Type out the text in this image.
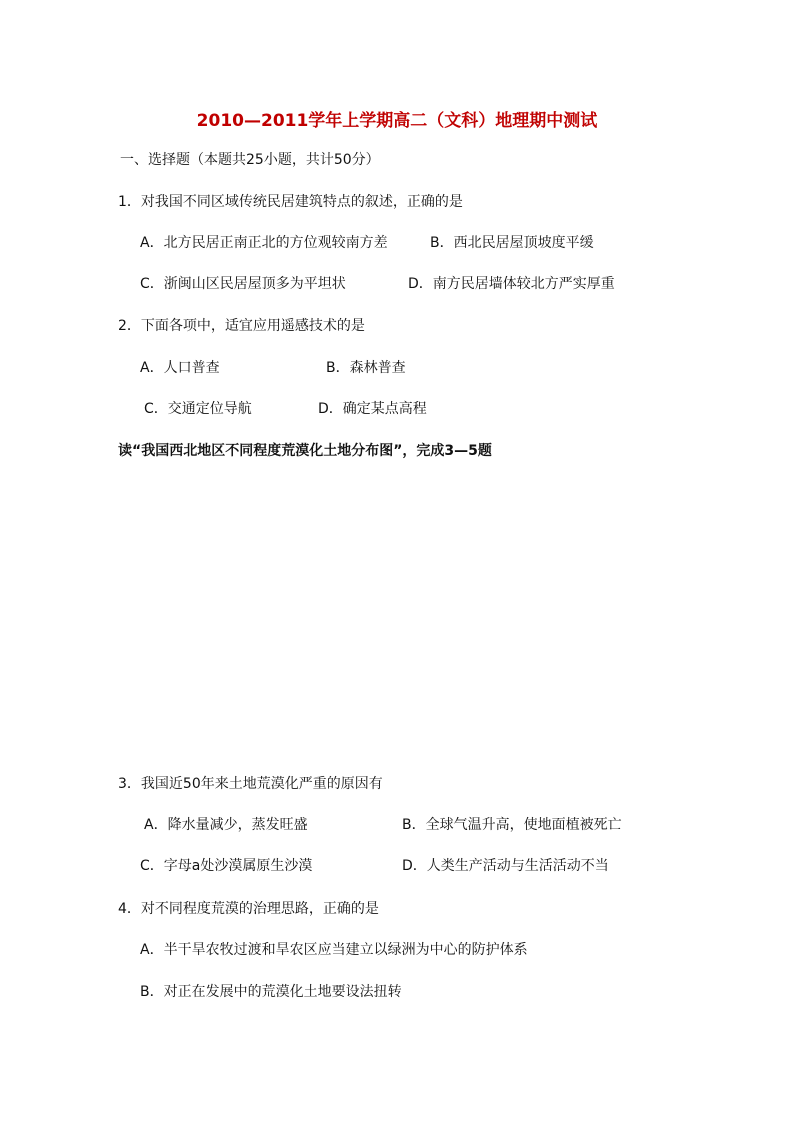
2010—2011学年上学期高二（文科）地理期中测试
一、选择题（本题共25小题，共计50分）
1．对我国不同区域传统民居建筑特点的叙述，正确的是
A．北方民居正南正北的方位观较南方差	B．西北民居屋顶坡度平缓
C．浙闽山区民居屋顶多为平坦状	D．南方民居墙体较北方严实厚重
2．下面各项中，适宜应用遥感技术的是
A．人口普查	B．森林普查
C．交通定位导航	D．确定某点高程
读“我国西北地区不同程度荒漠化土地分布图”，完成3—5题
3．我国近50年来土地荒漠化严重的原因有
A．降水量减少，蒸发旺盛	B．全球气温升高，使地面植被死亡
C．字母a处沙漠属原生沙漠	D．人类生产活动与生活活动不当
4．对不同程度荒漠的治理思路，正确的是
A．半干旱农牧过渡和旱农区应当建立以绿洲为中心的防护体系
B．对正在发展中的荒漠化土地要设法扭转
